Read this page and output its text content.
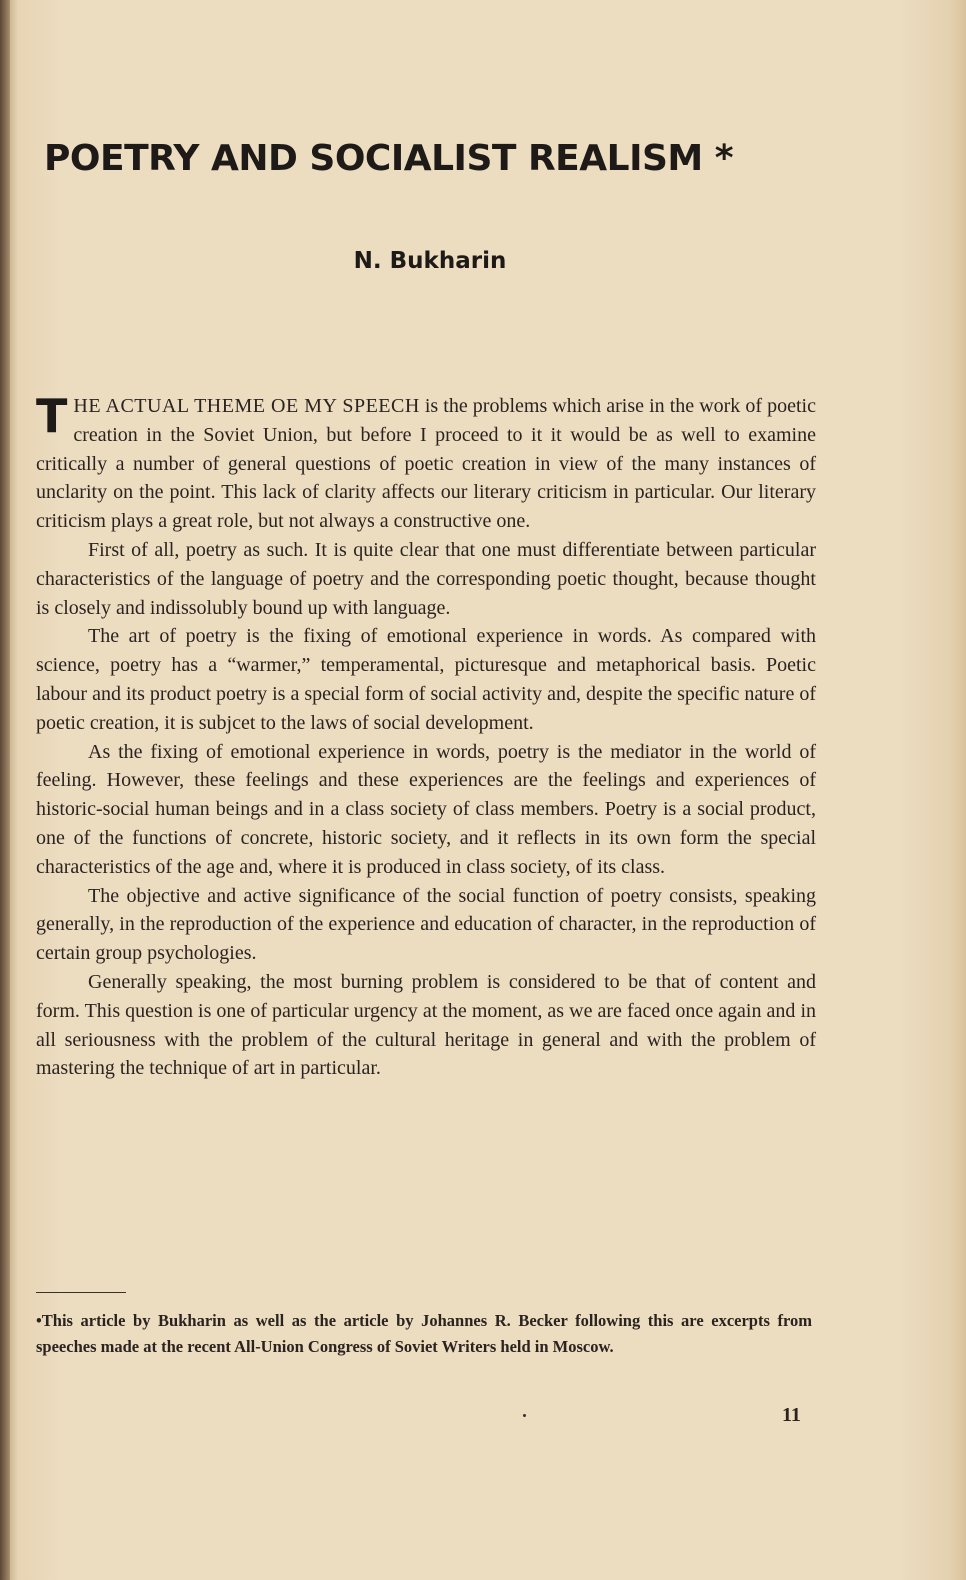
POETRY AND SOCIALIST REALISM *
N. Bukharin

THE ACTUAL THEME OE MY SPEECH is the problems which arise in the work of poetic creation in the Soviet Union, but before I proceed to it it would be as well to examine critically a number of general questions of poetic creation in view of the many instances of unclarity on the point. This lack of clarity affects our literary criticism in particular. Our literary criticism plays a great role, but not always a constructive one.

First of all, poetry as such. It is quite clear that one must differentiate between particular characteristics of the language of poetry and the corresponding poetic thought, because thought is closely and indissolubly bound up with language.

The art of poetry is the fixing of emotional experience in words. As compared with science, poetry has a “warmer,” temperamental, picturesque and metaphorical basis. Poetic labour and its product poetry is a special form of social activity and, despite the specific nature of poetic creation, it is subjcet to the laws of social development.

As the fixing of emotional experience in words, poetry is the mediator in the world of feeling. However, these feelings and these experiences are the feelings and experiences of historic-social human beings and in a class society of class members. Poetry is a social product, one of the functions of concrete, historic society, and it reflects in its own form the special characteristics of the age and, where it is produced in class society, of its class.

The objective and active significance of the social function of poetry consists, speaking generally, in the reproduction of the experience and education of character, in the reproduction of certain group psychologies.

Generally speaking, the most burning problem is considered to be that of content and form. This question is one of particular urgency at the moment, as we are faced once again and in all seriousness with the problem of the cultural heritage in general and with the problem of mastering the technique of art in particular.

•This article by Bukharin as well as the article by Johannes R. Becker following this are excerpts from speeches made at the recent All-Union Congress of Soviet Writers held in Moscow.
11
